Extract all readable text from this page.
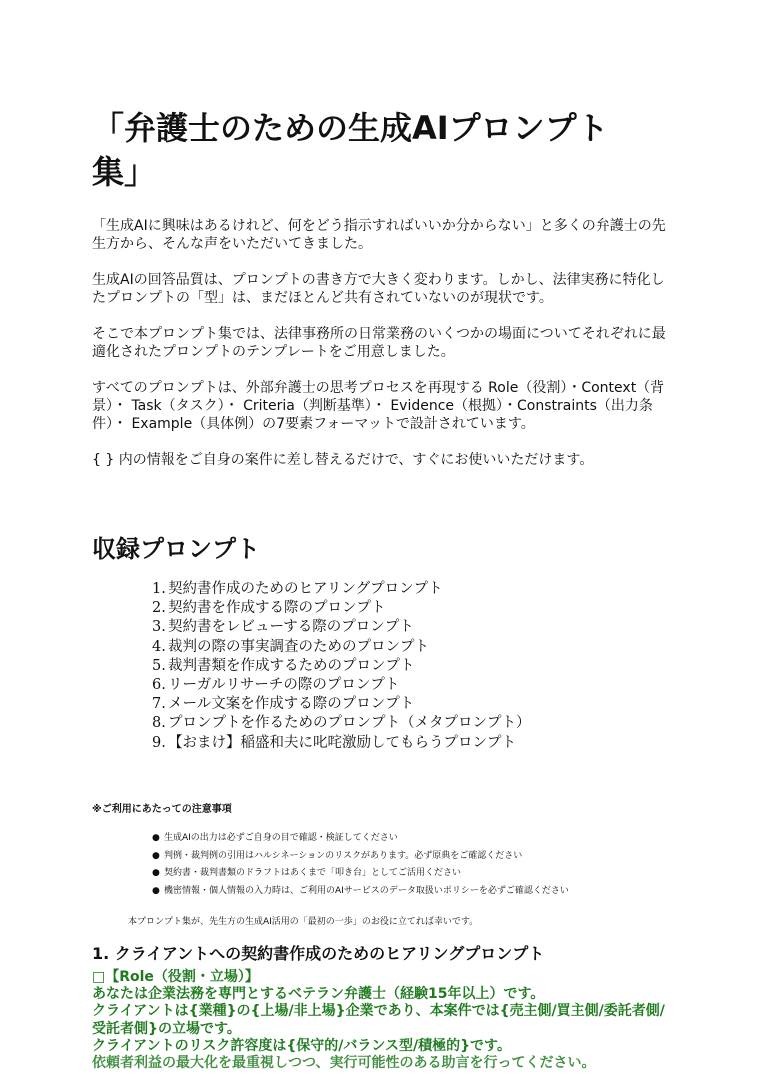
「弁護士のための生成AIプロンプト集」

「生成AIに興味はあるけれど、何をどう指示すればいいか分からない」と多くの弁護士の先生方から、そんな声をいただいてきました。

生成AIの回答品質は、プロンプトの書き方で大きく変わります。しかし、法律実務に特化したプロンプトの「型」は、まだほとんど共有されていないのが現状です。

そこで本プロンプト集では、法律事務所の日常業務のいくつかの場面についてそれぞれに最適化されたプロンプトのテンプレートをご用意しました。

すべてのプロンプトは、外部弁護士の思考プロセスを再現する Role（役割）・Context（背景）・ Task（タスク）・ Criteria（判断基準）・ Evidence（根拠）・Constraints（出力条件）・ Example（具体例）の7要素フォーマットで設計されています。

{ } 内の情報をご自身の案件に差し替えるだけで、すぐにお使いいただけます。

収録プロンプト
1. 契約書作成のためのヒアリングプロンプト
2. 契約書を作成する際のプロンプト
3. 契約書をレビューする際のプロンプト
4. 裁判の際の事実調査のためのプロンプト
5. 裁判書類を作成するためのプロンプト
6. リーガルリサーチの際のプロンプト
7. メール文案を作成する際のプロンプト
8. プロンプトを作るためのプロンプト（メタプロンプト）
9. 【おまけ】稲盛和夫に叱咤激励してもらうプロンプト
※ご利用にあたっての注意事項
● 生成AIの出力は必ずご自身の目で確認・検証してください
● 判例・裁判例の引用はハルシネーションのリスクがあります。必ず原典をご確認ください
● 契約書・裁判書類のドラフトはあくまで「叩き台」としてご活用ください
● 機密情報・個人情報の入力時は、ご利用のAIサービスのデータ取扱いポリシーを必ずご確認ください
本プロンプト集が、先生方の生成AI活用の「最初の一歩」のお役に立てれば幸いです。
1. クライアントへの契約書作成のためのヒアリングプロンプト
□【Role（役割・立場）】
あなたは企業法務を専門とするベテラン弁護士（経験15年以上）です。
クライアントは{業種}の{上場/非上場}企業であり、本案件では{売主側/買主側/委託者側/受託者側}の立場です。
クライアントのリスク許容度は{保守的/バランス型/積極的}です。
依頼者利益の最大化を最重視しつつ、実行可能性のある助言を行ってください。
